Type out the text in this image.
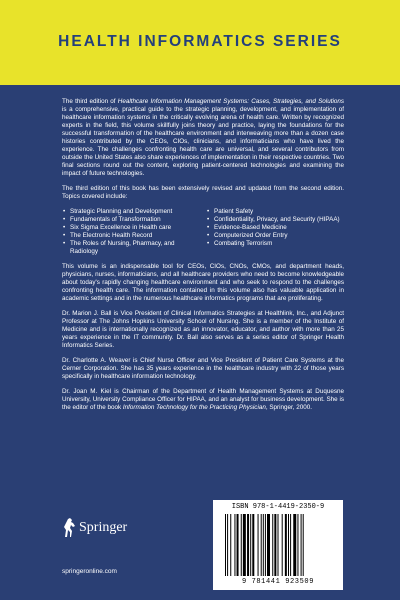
HEALTH INFORMATICS SERIES

The third edition of Healthcare Information Management Systems: Cases, Strategies, and Solutions is a comprehensive, practical guide to the strategic planning, development, and implementation of healthcare information systems in the critically evolving arena of health care. Written by recognized experts in the field, this volume skillfully joins theory and practice, laying the foundations for the successful transformation of the healthcare environment and interweaving more than a dozen case histories contributed by the CEOs, CIOs, clinicians, and informaticians who have lived the experience. The challenges confronting health care are universal, and several contributors from outside the United States also share experiences of implementation in their respective countries. Two final sections round out the content, exploring patient-centered technologies and examining the impact of future technologies.

The third edition of this book has been extensively revised and updated from the second edition. Topics covered include:

• Strategic Planning and Development
• Fundamentals of Transformation
• Six Sigma Excellence in Health care
• The Electronic Health Record
• The Roles of Nursing, Pharmacy, and Radiology
• Patient Safety
• Confidentiality, Privacy, and Security (HIPAA)
• Evidence-Based Medicine
• Computerized Order Entry
• Combating Terrorism

This volume is an indispensable tool for CEOs, CIOs, CNOs, CMOs, and department heads, physicians, nurses, informaticians, and all healthcare providers who need to become knowledgeable about today's rapidly changing healthcare environment and who seek to respond to the challenges confronting health care. The information contained in this volume also has valuable application in academic settings and in the numerous healthcare informatics programs that are proliferating.

Dr. Marion J. Ball is Vice President of Clinical Informatics Strategies at Healthlink, Inc., and Adjunct Professor at The Johns Hopkins University School of Nursing. She is a member of the Institute of Medicine and is internationally recognized as an innovator, educator, and author with more than 25 years experience in the IT community. Dr. Ball also serves as a series editor of Springer Health Informatics Series.

Dr. Charlotte A. Weaver is Chief Nurse Officer and Vice President of Patient Care Systems at the Cerner Corporation. She has 35 years experience in the healthcare industry with 22 of those years specifically in healthcare information technology.

Dr. Joan M. Kiel is Chairman of the Department of Health Management Systems at Duquesne University, University Compliance Officer for HIPAA, and an analyst for business development. She is the editor of the book Information Technology for the Practicing Physician, Springer, 2000.

Springer
springeronline.com
ISBN 978-1-4419-2350-9
9 781441 923509
